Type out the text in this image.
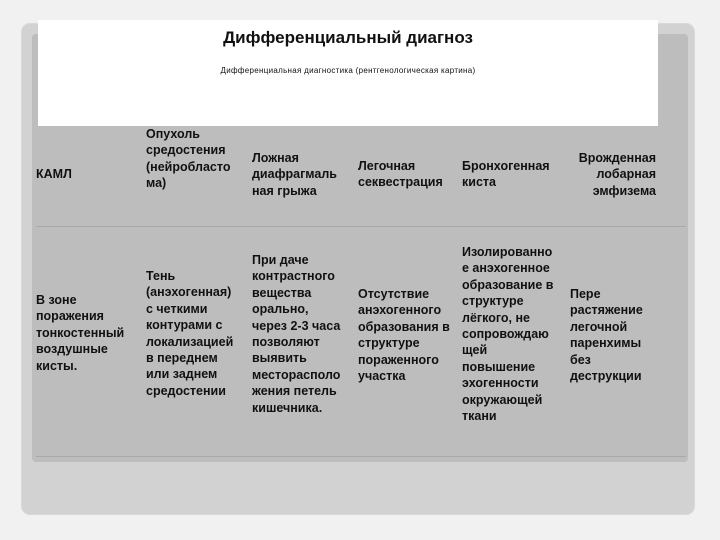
Дифференциальный диагноз
Дифференциальная диагностика (рентгенологическая картина)
КАМЛ
Опухоль
средостения
(нейробласто
ма)
Ложная
диафрагмаль
ная грыжа
Легочная
секвестрация
Бронхогенная
киста
Врожденная
лобарная
эмфизема
В зоне
поражения
тонкостенный
воздушные
кисты.
Тень
(анэхогенная)
с четкими
контурами с
локализацией
в переднем
или заднем
средостении
При даче
контрастного
вещества
орально,
через 2-3 часа
позволяют
выявить
месторасполо
жения петель
кишечника.
Отсутствие
анэхогенного
образования в
структуре
пораженного
участка
Изолированно
е анэхогенное
образование в
структуре
лёгкого, не
сопровождаю
щей
повышение
эхогенности
окружающей
ткани
Пере
растяжение
легочной
паренхимы
без
деструкции
